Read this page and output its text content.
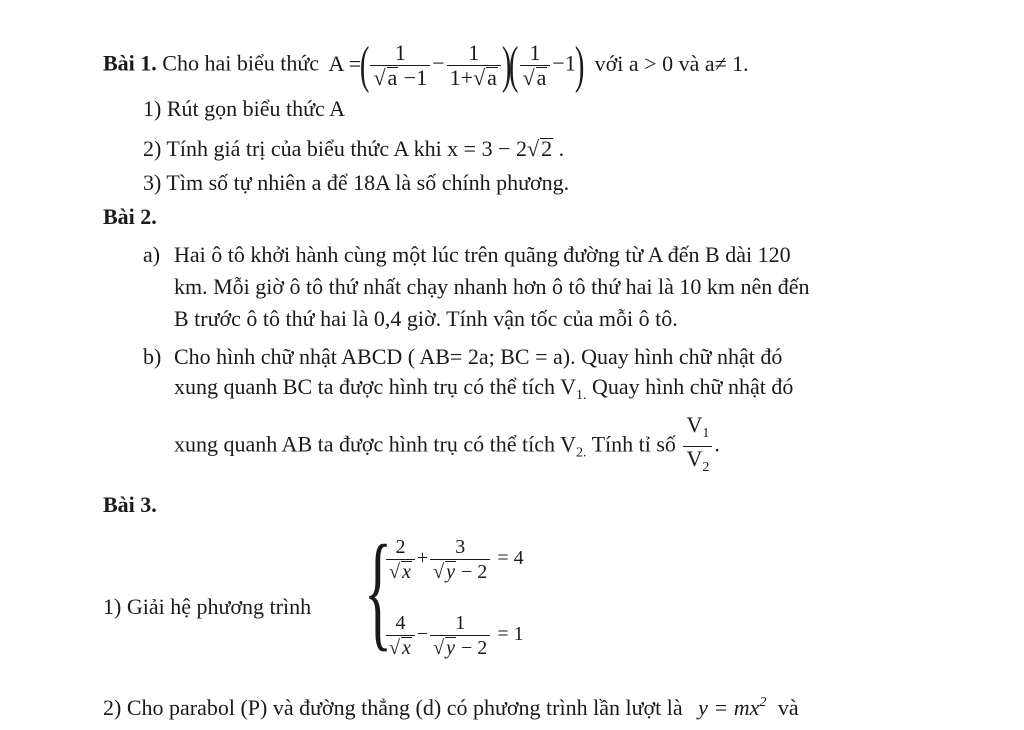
Bài 1. Cho hai biểu thức A =( $\frac{1}{√a -1} - \frac{1}{1+√a}$ )( $\frac{1}{√a} -1$) với a > 0 và a≠ 1.
1) Rút gọn biểu thức A
2) Tính giá trị của biểu thức A khi x = 3 − 2√2 .
3) Tìm số tự nhiên a để 18A là số chính phương.
Bài 2.
a) Hai ô tô khởi hành cùng một lúc trên quãng đường từ A đến B dài 120
km. Mỗi giờ ô tô thứ nhất chạy nhanh hơn ô tô thứ hai là 10 km nên đến
B trước ô tô thứ hai là 0,4 giờ. Tính vận tốc của mỗi ô tô.
b) Cho hình chữ nhật ABCD ( AB= 2a; BC = a). Quay hình chữ nhật đó
xung quanh BC ta được hình trụ có thể tích $V_{1.}$ Quay hình chữ nhật đó
xung quanh AB ta được hình trụ có thể tích $V_{2.}$ Tính tỉ số $\frac{V_1}{V_2}$ .
Bài 3.
1) Giải hệ phương trình {
$\frac{2}{√ x} + \frac{3}{√ y - 2} = 4$
$\frac{4}{√ x} - \frac{1}{√ y - 2} = 1$
2) Cho parabol (P) và đường thẳng (d) có phương trình lần lượt là $y = mx^2$ và
